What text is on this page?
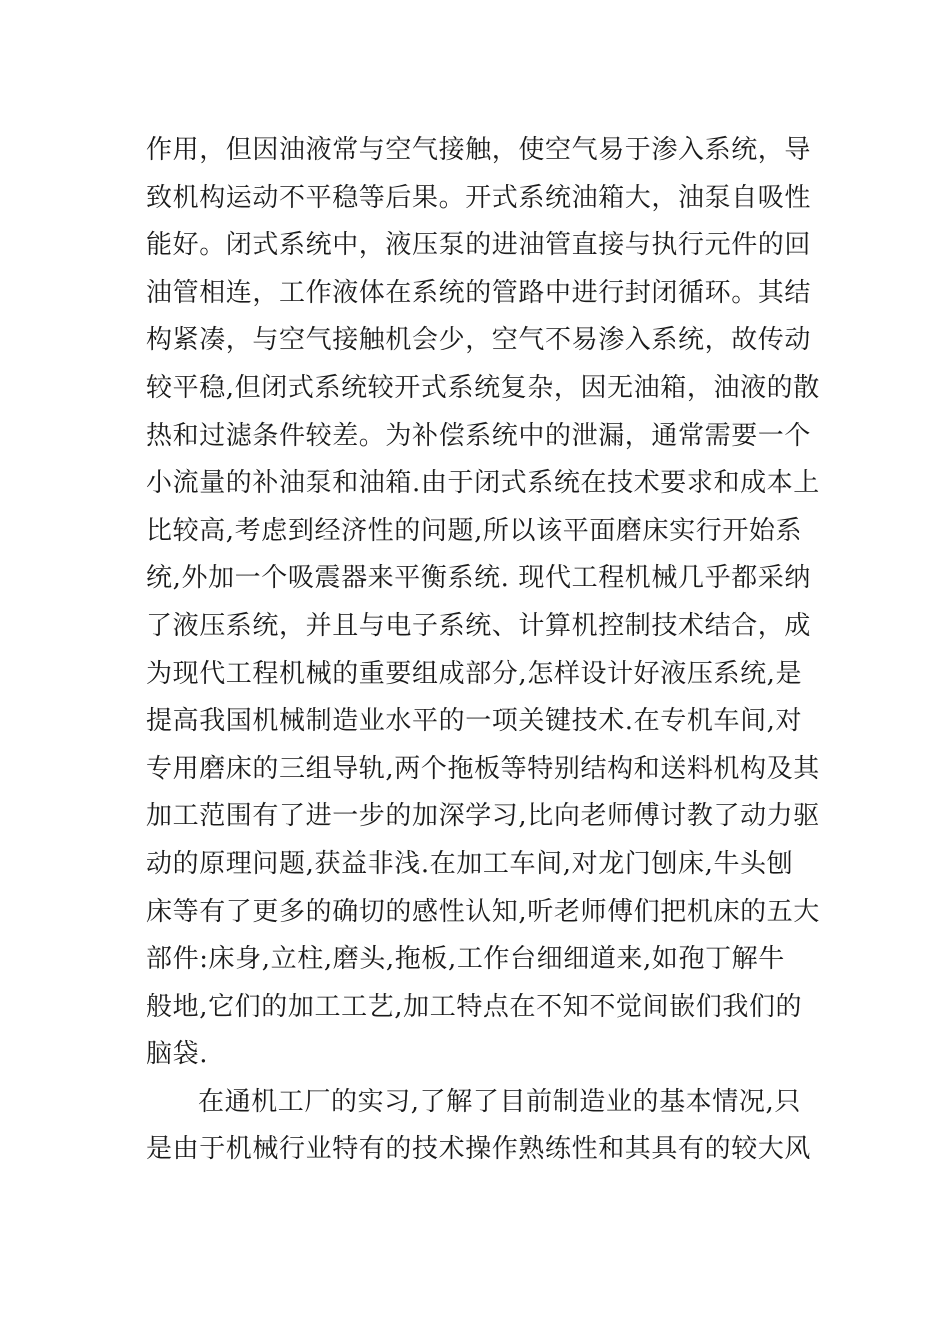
作用，但因油液常与空气接触，使空气易于渗入系统，导
致机构运动不平稳等后果。开式系统油箱大，油泵自吸性
能好。闭式系统中，液压泵的进油管直接与执行元件的回
油管相连，工作液体在系统的管路中进行封闭循环。其结
构紧凑，与空气接触机会少，空气不易渗入系统，故传动
较平稳,但闭式系统较开式系统复杂，因无油箱，油液的散
热和过滤条件较差。为补偿系统中的泄漏，通常需要一个
小流量的补油泵和油箱.由于闭式系统在技术要求和成本上
比较高,考虑到经济性的问题,所以该平面磨床实行开始系
统,外加一个吸震器来平衡系统. 现代工程机械几乎都采纳
了液压系统，并且与电子系统、计算机控制技术结合，成
为现代工程机械的重要组成部分,怎样设计好液压系统,是
提高我国机械制造业水平的一项关键技术.在专机车间,对
专用磨床的三组导轨,两个拖板等特别结构和送料机构及其
加工范围有了进一步的加深学习,比向老师傅讨教了动力驱
动的原理问题,获益非浅.在加工车间,对龙门刨床,牛头刨
床等有了更多的确切的感性认知,听老师傅们把机床的五大
部件:床身,立柱,磨头,拖板,工作台细细道来,如孢丁解牛
般地,它们的加工工艺,加工特点在不知不觉间嵌们我们的
脑袋.
在通机工厂的实习,了解了目前制造业的基本情况,只
是由于机械行业特有的技术操作熟练性和其具有的较大风
